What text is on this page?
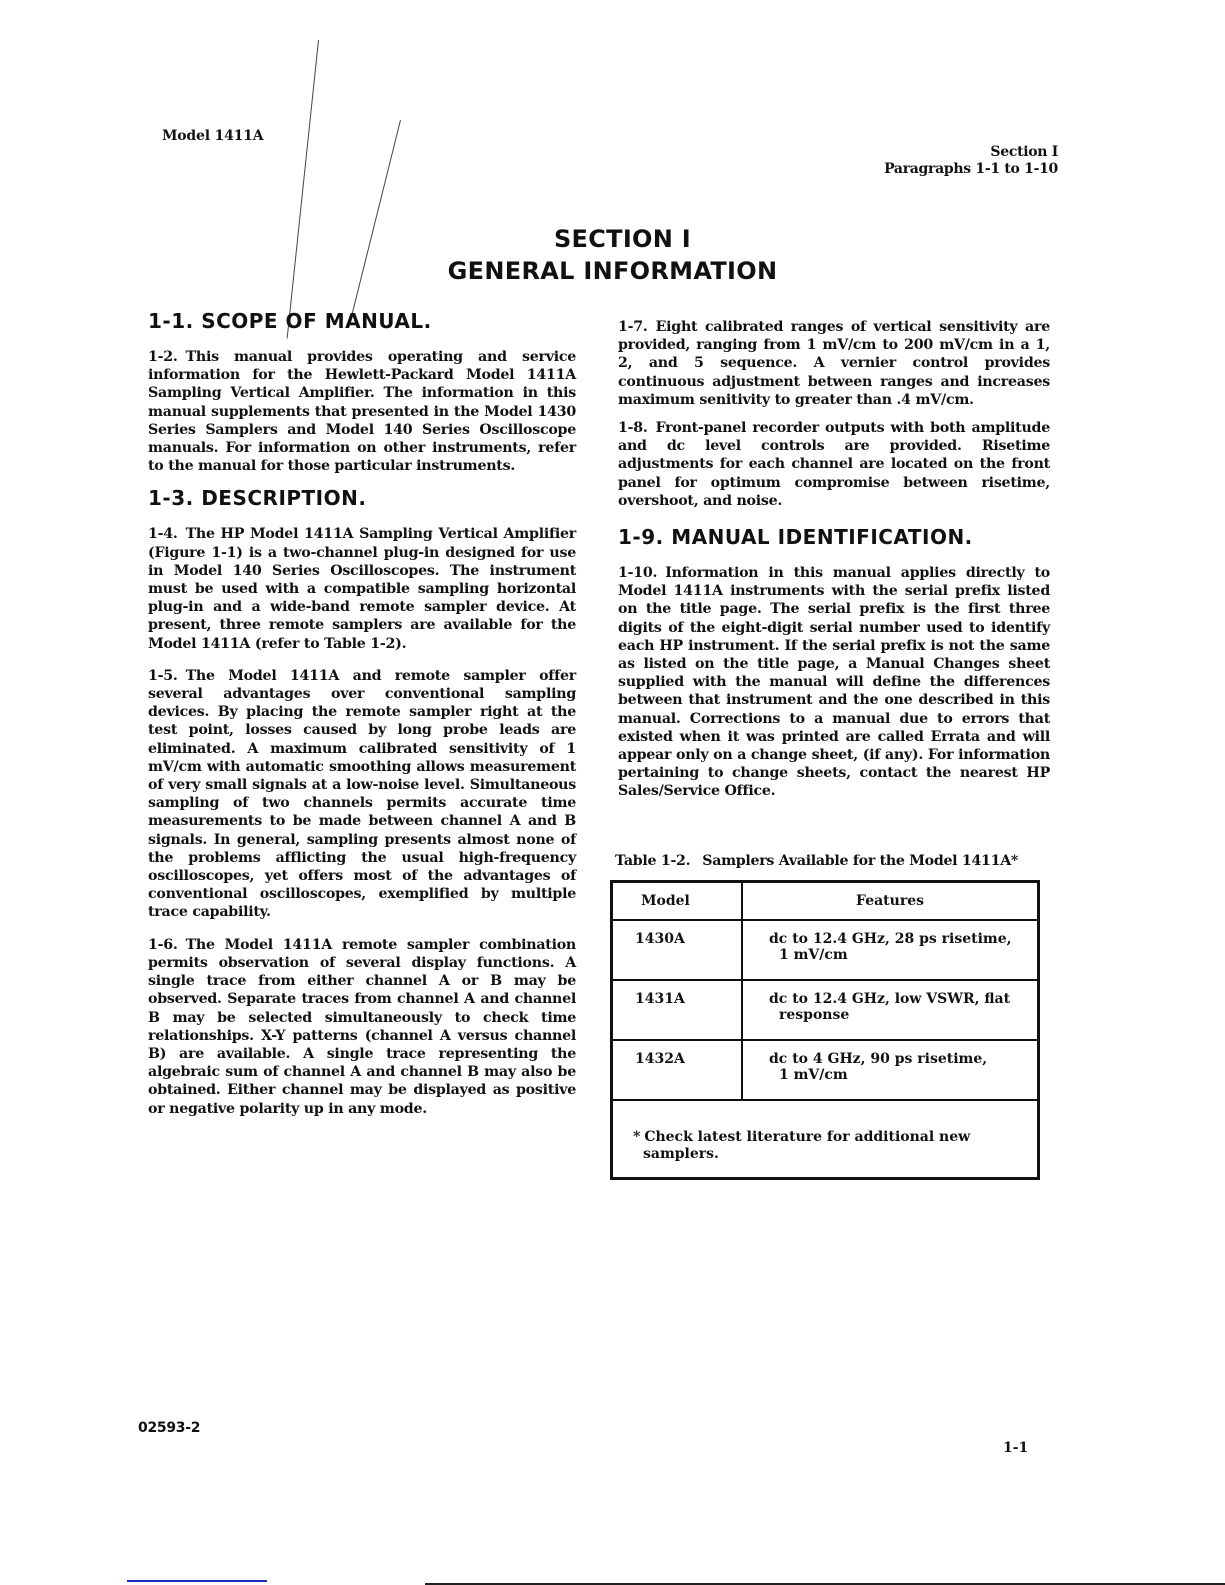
Model 1411A
Section I
Paragraphs 1-1 to 1-10
SECTION I
GENERAL INFORMATION
1-1. SCOPE OF MANUAL.

1-2. This manual provides operating and service information for the Hewlett-Packard Model 1411A Sampling Vertical Amplifier. The information in this manual supplements that presented in the Model 1430 Series Samplers and Model 140 Series Oscilloscope manuals. For information on other instruments, refer to the manual for those particular instruments.

1-3. DESCRIPTION.

1-4. The HP Model 1411A Sampling Vertical Amplifier (Figure 1-1) is a two-channel plug-in designed for use in Model 140 Series Oscilloscopes. The instrument must be used with a compatible sampling horizontal plug-in and a wide-band remote sampler device. At present, three remote samplers are available for the Model 1411A (refer to Table 1-2).

1-5. The Model 1411A and remote sampler offer several advantages over conventional sampling devices. By placing the remote sampler right at the test point, losses caused by long probe leads are eliminated. A maximum calibrated sensitivity of 1 mV/cm with automatic smoothing allows measurement of very small signals at a low-noise level. Simultaneous sampling of two channels permits accurate time measurements to be made between channel A and B signals. In general, sampling presents almost none of the problems afflicting the usual high-frequency oscilloscopes, yet offers most of the advantages of conventional oscilloscopes, exemplified by multiple trace capability.

1-6. The Model 1411A remote sampler combination permits observation of several display functions. A single trace from either channel A or B may be observed. Separate traces from channel A and channel B may be selected simultaneously to check time relationships. X-Y patterns (channel A versus channel B) are available. A single trace representing the algebraic sum of channel A and channel B may also be obtained. Either channel may be displayed as positive or negative polarity up in any mode.

1-7. Eight calibrated ranges of vertical sensitivity are provided, ranging from 1 mV/cm to 200 mV/cm in a 1, 2, and 5 sequence. A vernier control provides continuous adjustment between ranges and increases maximum senitivity to greater than .4 mV/cm.

1-8. Front-panel recorder outputs with both amplitude and dc level controls are provided. Risetime adjustments for each channel are located on the front panel for optimum compromise between risetime, overshoot, and noise.

1-9. MANUAL IDENTIFICATION.

1-10. Information in this manual applies directly to Model 1411A instruments with the serial prefix listed on the title page. The serial prefix is the first three digits of the eight-digit serial number used to identify each HP instrument. If the serial prefix is not the same as listed on the title page, a Manual Changes sheet supplied with the manual will define the differences between that instrument and the one described in this manual. Corrections to a manual due to errors that existed when it was printed are called Errata and will appear only on a change sheet, (if any). For information pertaining to change sheets, contact the nearest HP Sales/Service Office.

Table 1-2. Samplers Available for the Model 1411A*
Model	Features
1430A	dc to 12.4 GHz, 28 ps risetime,
1 mV/cm

1431A	dc to 12.4 GHz, low VSWR, flat
response

1432A	dc to 4 GHz, 90 ps risetime,
1 mV/cm

* Check latest literature for additional new samplers.	
02593-2
1-1
